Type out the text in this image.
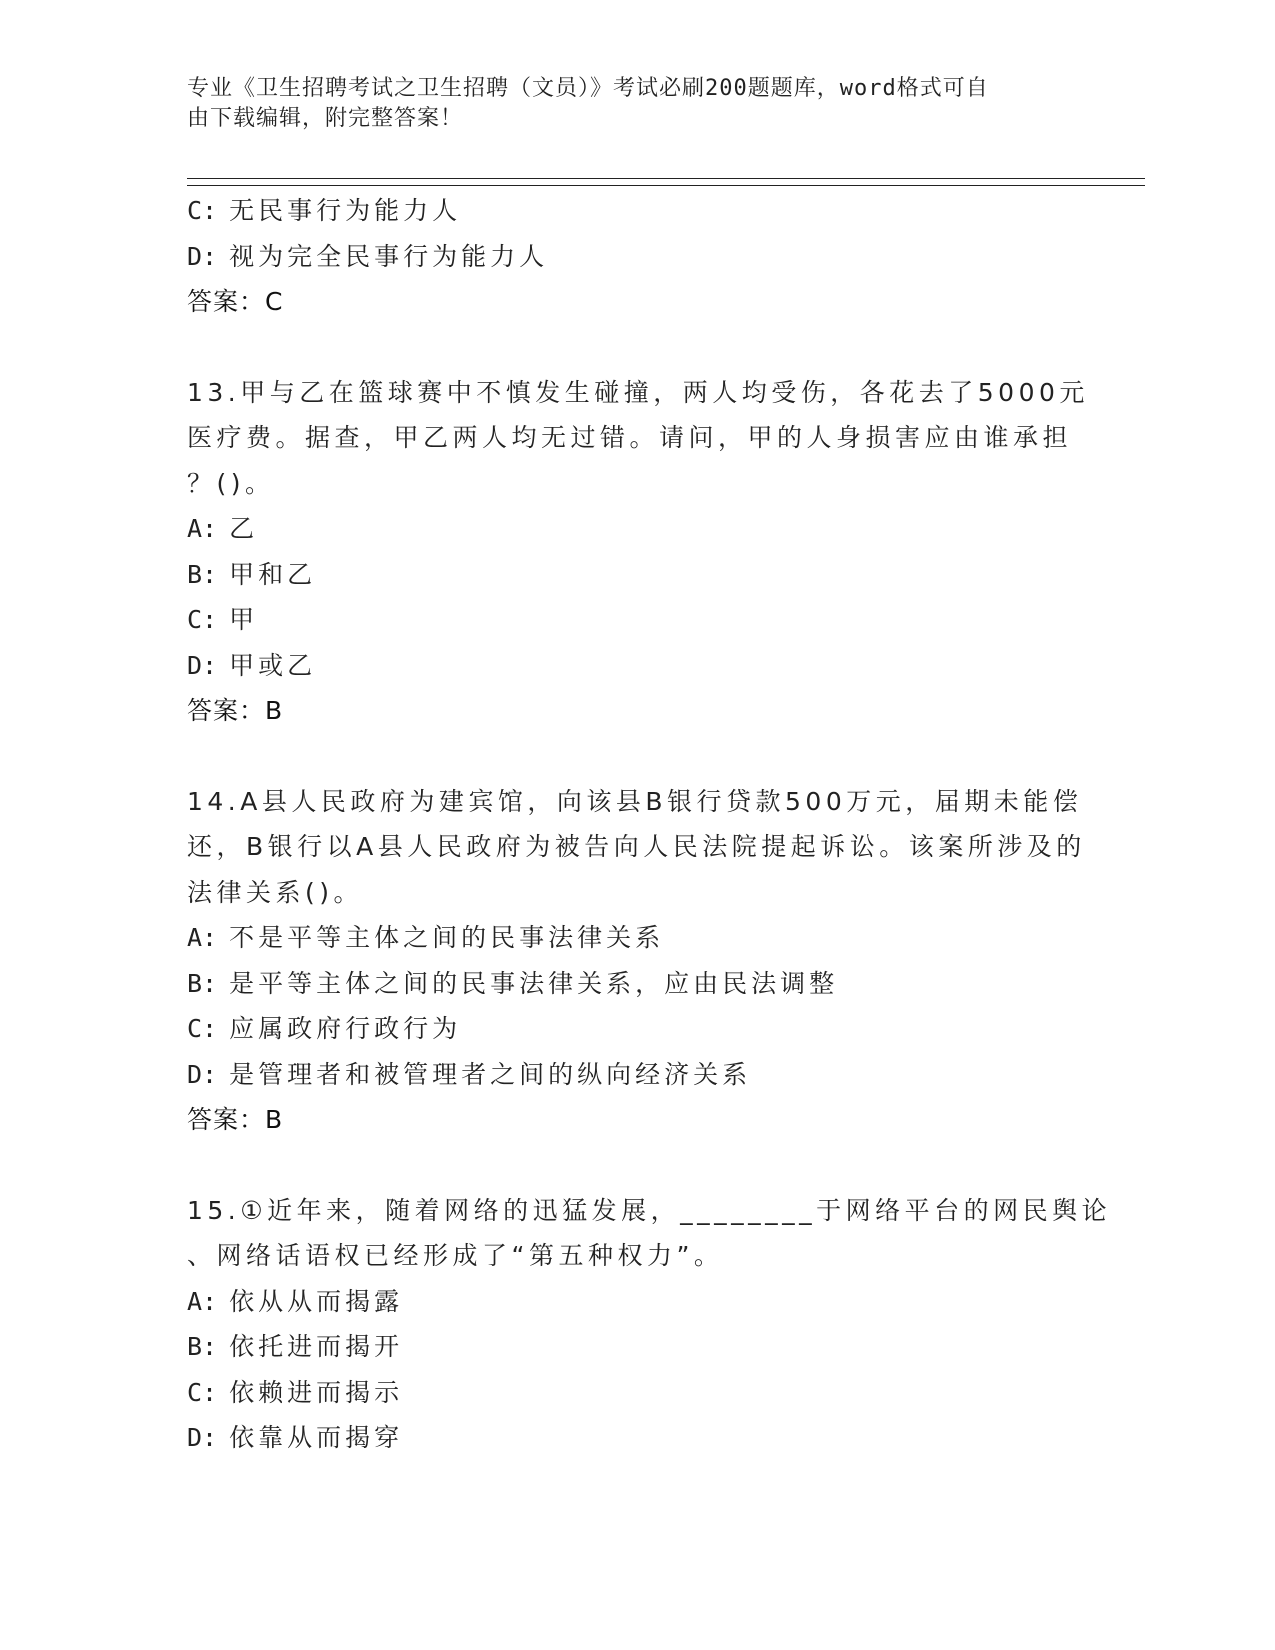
专业《卫生招聘考试之卫生招聘（文员）》考试必刷200题题库，word格式可自
由下载编辑，附完整答案！
C: 无民事行为能力人
D: 视为完全民事行为能力人
答案：C
13.甲与乙在篮球赛中不慎发生碰撞，两人均受伤，各花去了5000元
医疗费。据查，甲乙两人均无过错。请问，甲的人身损害应由谁承担
？()。
A: 乙
B: 甲和乙
C: 甲
D: 甲或乙
答案：B
14.A县人民政府为建宾馆，向该县B银行贷款500万元，届期未能偿
还，B银行以A县人民政府为被告向人民法院提起诉讼。该案所涉及的
法律关系()。
A: 不是平等主体之间的民事法律关系
B: 是平等主体之间的民事法律关系，应由民法调整
C: 应属政府行政行为
D: 是管理者和被管理者之间的纵向经济关系
答案：B
15.①近年来，随着网络的迅猛发展，________于网络平台的网民舆论
、网络话语权已经形成了“第五种权力”。
A: 依从从而揭露
B: 依托进而揭开
C: 依赖进而揭示
D: 依靠从而揭穿
